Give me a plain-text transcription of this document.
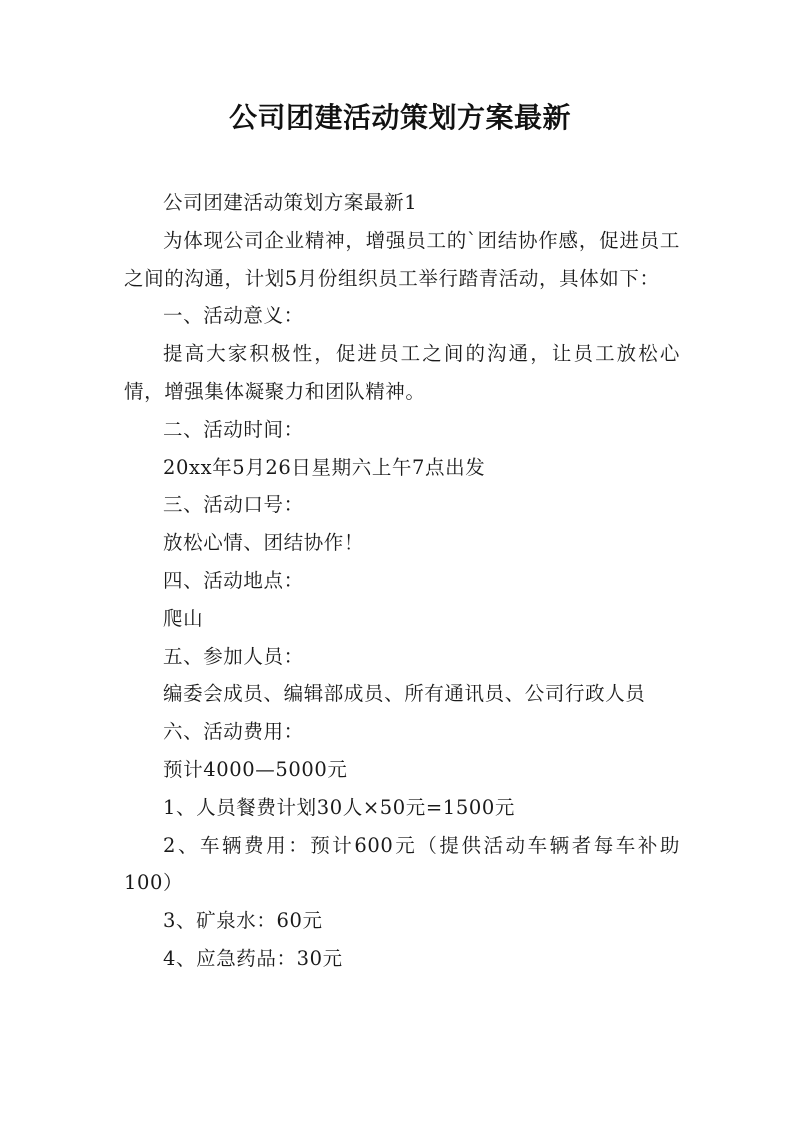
公司团建活动策划方案最新

公司团建活动策划方案最新1

为体现公司企业精神，增强员工的`团结协作感，促进员工之间的沟通，计划5月份组织员工举行踏青活动，具体如下：

一、活动意义：

提高大家积极性，促进员工之间的沟通，让员工放松心情，增强集体凝聚力和团队精神。

二、活动时间：

20xx年5月26日星期六上午7点出发

三、活动口号：

放松心情、团结协作！

四、活动地点：

爬山

五、参加人员：

编委会成员、编辑部成员、所有通讯员、公司行政人员

六、活动费用：

预计4000—5000元

1、人员餐费计划30人×50元=1500元

2、车辆费用：预计600元（提供活动车辆者每车补助100）

3、矿泉水：60元

4、应急药品：30元
